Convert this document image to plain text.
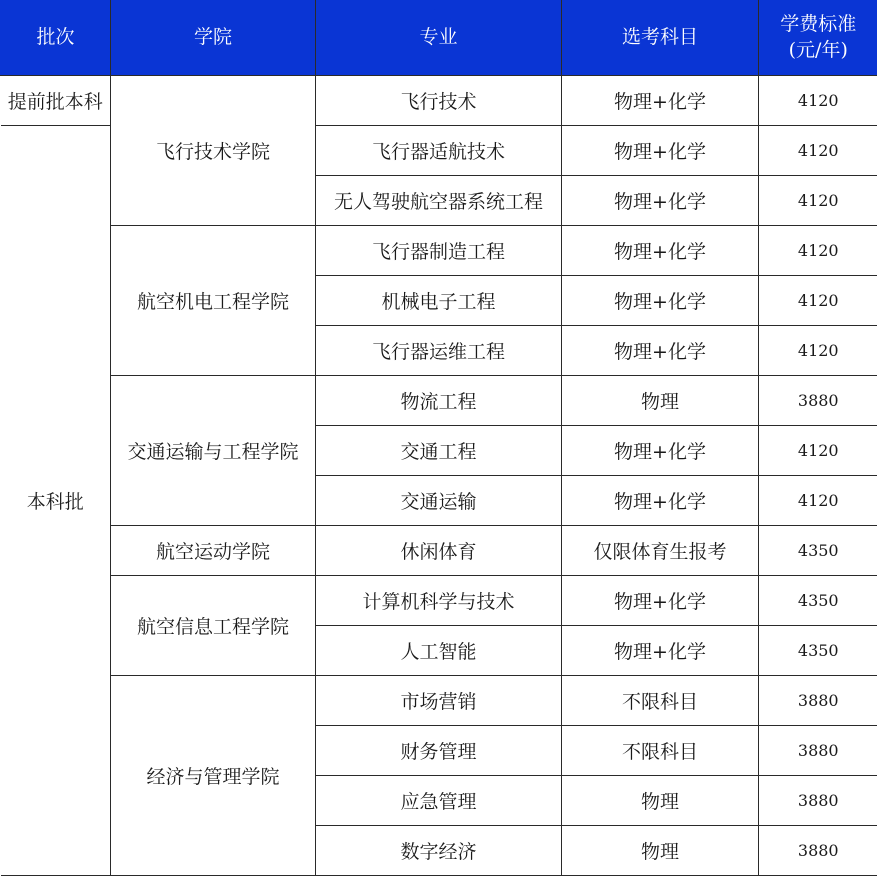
批次	学院	专业	选考科目	学费标准
(元/年)

提前批本科	飞行技术学院	飞行技术	物理+化学	4120
本科批		飞行器适航技术	物理+化学	4120
		无人驾驶航空器系统工程	物理+化学	4120
	航空机电工程学院	飞行器制造工程	物理+化学	4120
		机械电子工程	物理+化学	4120
		飞行器运维工程	物理+化学	4120
	交通运输与工程学院	物流工程	物理	3880
		交通工程	物理+化学	4120
		交通运输	物理+化学	4120
	航空运动学院	休闲体育	仅限体育生报考	4350
	航空信息工程学院	计算机科学与技术	物理+化学	4350
		人工智能	物理+化学	4350
	经济与管理学院	市场营销	不限科目	3880
		财务管理	不限科目	3880
		应急管理	物理	3880
		数字经济	物理	3880
